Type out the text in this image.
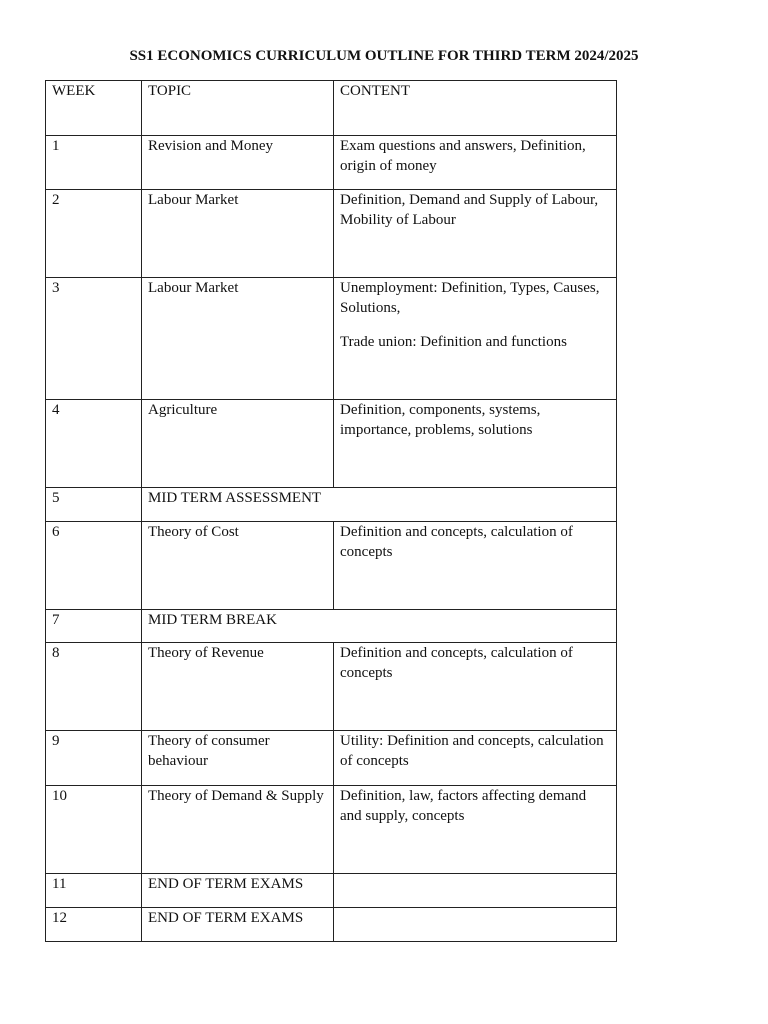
SS1 ECONOMICS CURRICULUM OUTLINE FOR THIRD TERM 2024/2025
WEEK	TOPIC	CONTENT
1	Revision and Money	Exam questions and answers, Definition, origin of money

2	Labour Market	Definition, Demand and Supply of Labour, Mobility of Labour

3	Labour Market	Unemployment: Definition, Types, Causes, Solutions,
Trade union: Definition and functions

4	Agriculture	Definition, components, systems, importance, problems, solutions

5	MID TERM ASSESSMENT	
6	Theory of Cost	Definition and concepts, calculation of concepts

7	MID TERM BREAK	
8	Theory of Revenue	Definition and concepts, calculation of concepts

9	Theory of consumer behaviour	Utility: Definition and concepts, calculation of concepts

10	Theory of Demand & Supply	Definition, law, factors affecting demand and supply, concepts

11	END OF TERM EXAMS	
12	END OF TERM EXAMS	
